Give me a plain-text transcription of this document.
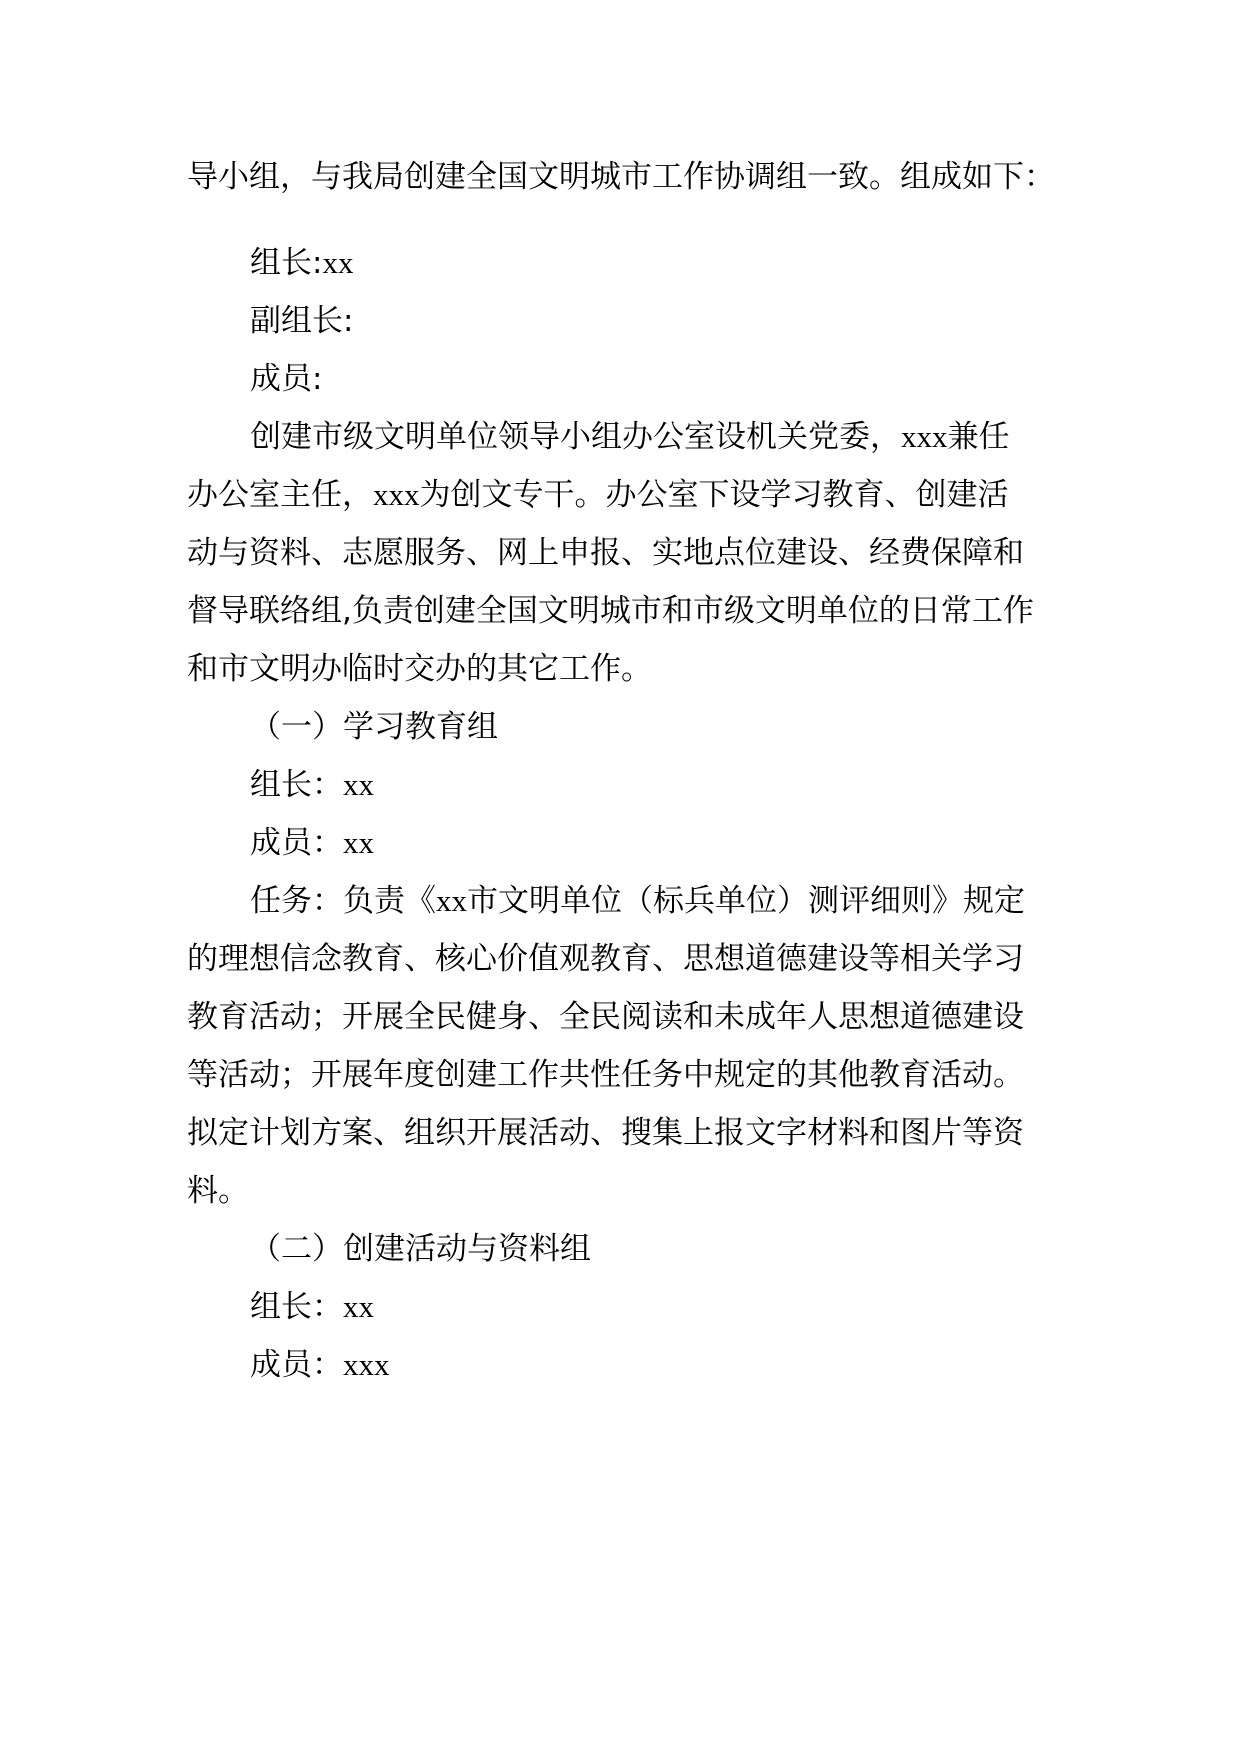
导小组，与我局创建全国文明城市工作协调组一致。组成如下：
组长:xx
副组长:
成员:
创建市级文明单位领导小组办公室设机关党委，xxx兼任
办公室主任，xxx为创文专干。办公室下设学习教育、创建活
动与资料、志愿服务、网上申报、实地点位建设、经费保障和
督导联络组,负责创建全国文明城市和市级文明单位的日常工作
和市文明办临时交办的其它工作。
（一）学习教育组
组长：xx
成员：xx
任务：负责《xx市文明单位（标兵单位）测评细则》规定
的理想信念教育、核心价值观教育、思想道德建设等相关学习
教育活动；开展全民健身、全民阅读和未成年人思想道德建设
等活动；开展年度创建工作共性任务中规定的其他教育活动。
拟定计划方案、组织开展活动、搜集上报文字材料和图片等资
料。
（二）创建活动与资料组
组长：xx
成员：xxx
